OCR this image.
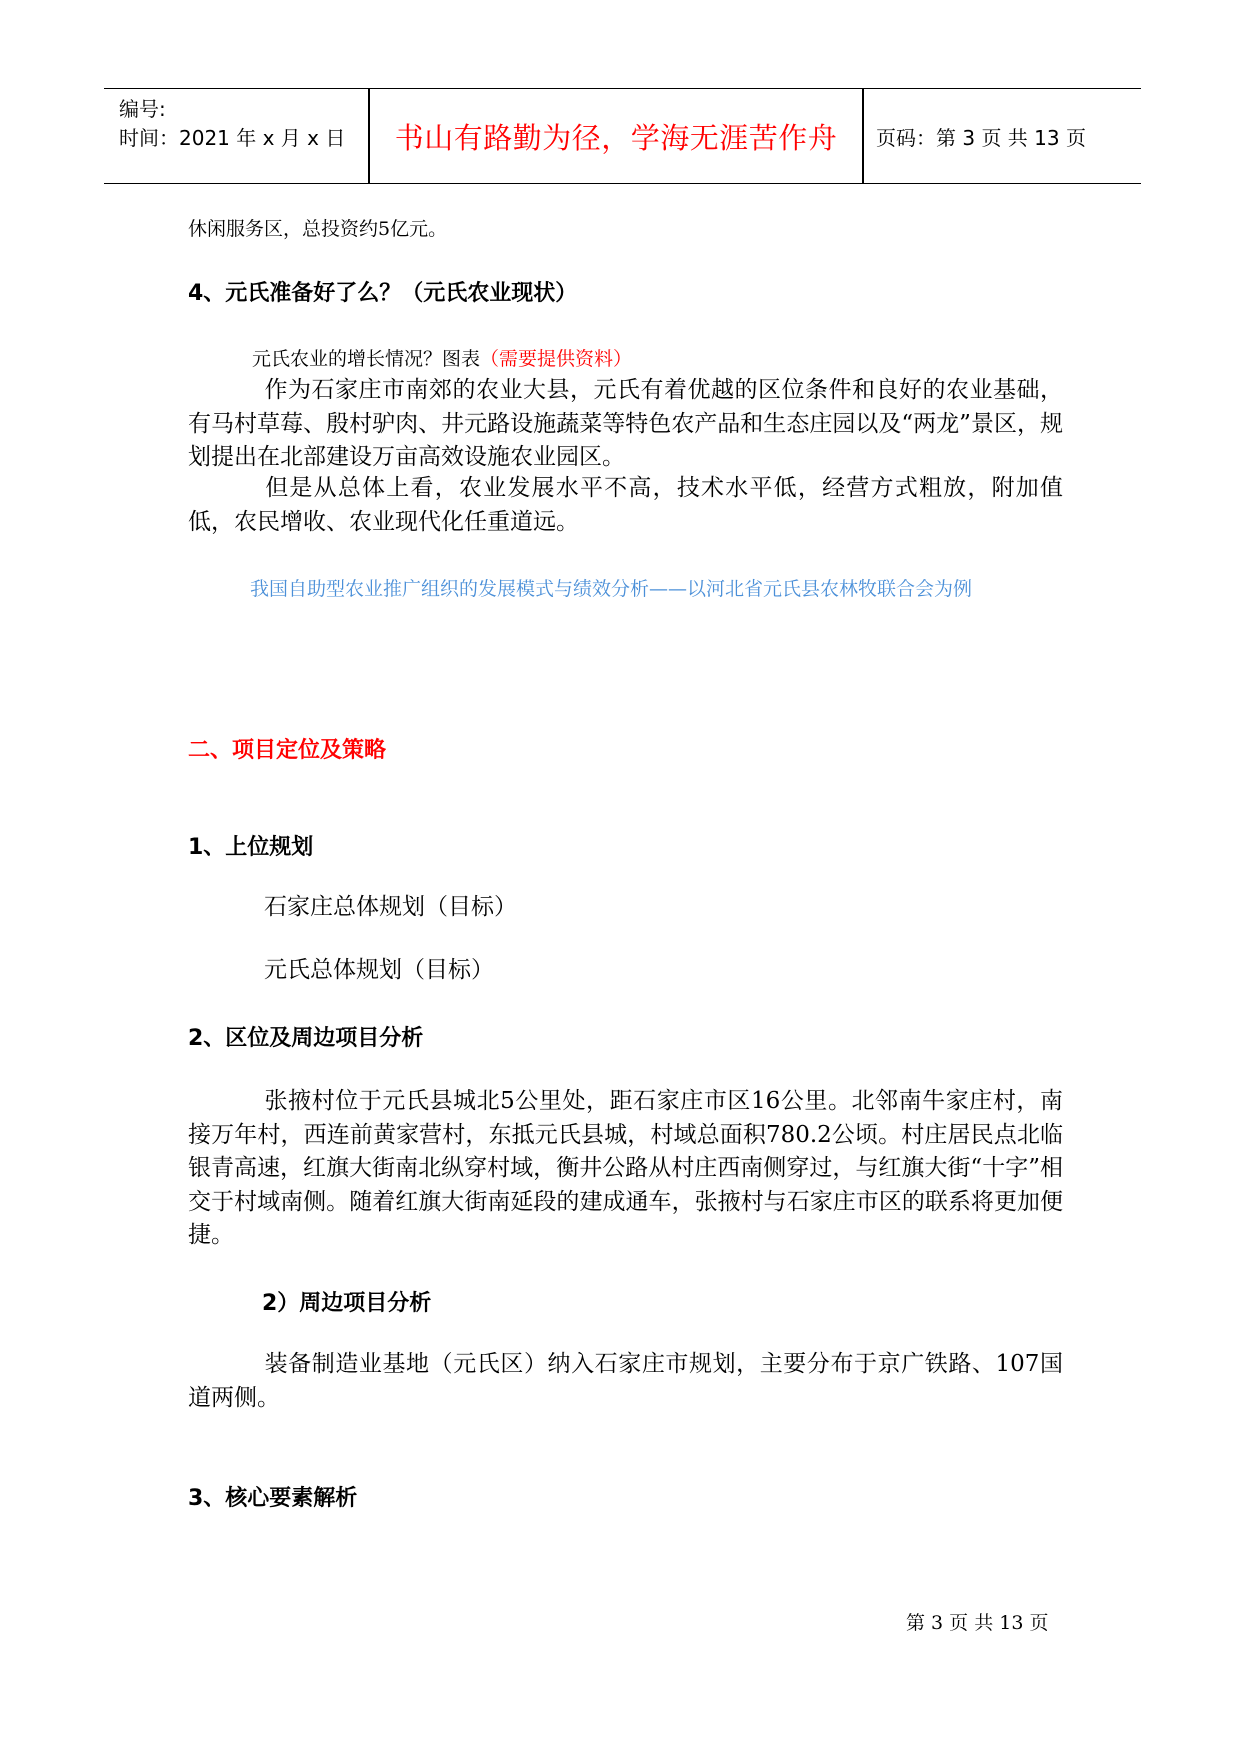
编号:
时间：2021 年 x 月 x 日	书山有路勤为径，学海无涯苦作舟	页码：第 3 页 共 13 页
休闲服务区，总投资约5亿元。
4、元氏准备好了么？（元氏农业现状）
元氏农业的增长情况？图表（需要提供资料）
作为石家庄市南郊的农业大县，元氏有着优越的区位条件和良好的农业基础，有马村草莓、殷村驴肉、井元路设施蔬菜等特色农产品和生态庄园以及“两龙”景区，规划提出在北部建设万亩高效设施农业园区。
但是从总体上看，农业发展水平不高，技术水平低，经营方式粗放，附加值低，农民增收、农业现代化任重道远。
我国自助型农业推广组织的发展模式与绩效分析——以河北省元氏县农林牧联合会为例
二、项目定位及策略
1、上位规划
石家庄总体规划（目标）
元氏总体规划（目标）
2、区位及周边项目分析
张掖村位于元氏县城北5公里处，距石家庄市区16公里。北邻南牛家庄村，南接万年村，西连前黄家营村，东抵元氏县城，村域总面积780.2公顷。村庄居民点北临银青高速，红旗大街南北纵穿村域，衡井公路从村庄西南侧穿过，与红旗大街“十字”相交于村域南侧。随着红旗大街南延段的建成通车，张掖村与石家庄市区的联系将更加便捷。
2）周边项目分析
装备制造业基地（元氏区）纳入石家庄市规划，主要分布于京广铁路、107国道两侧。
3、核心要素解析
第 3 页 共 13 页
